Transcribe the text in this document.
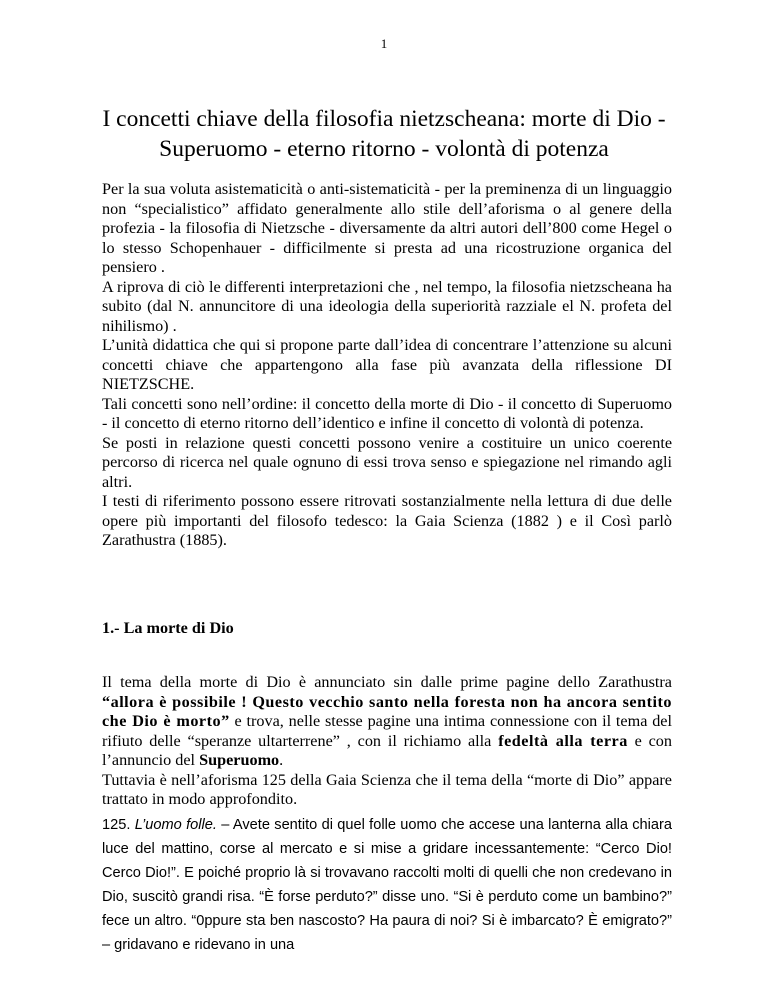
1
I concetti chiave della filosofia nietzscheana: morte di Dio -
Superuomo - eterno ritorno - volontà di potenza

Per la sua voluta asistematicità o anti-sistematicità - per la preminenza di un linguaggio non “specialistico” affidato generalmente allo stile dell’aforisma o al genere della profezia - la filosofia di Nietzsche - diversamente da altri autori dell’800 come Hegel o lo stesso Schopenhauer - difficilmente si presta ad una ricostruzione organica del pensiero .

A riprova di ciò le differenti interpretazioni che , nel tempo, la filosofia nietzscheana ha subito (dal N. annuncitore di una ideologia della superiorità razziale el N. profeta del nihilismo) .

L’unità didattica che qui si propone parte dall’idea di concentrare l’attenzione su alcuni concetti chiave che appartengono alla fase più avanzata della riflessione DI NIETZSCHE.

Tali concetti sono nell’ordine: il concetto della morte di Dio - il concetto di Superuomo - il concetto di eterno ritorno dell’identico e infine il concetto di volontà di potenza.

Se posti in relazione questi concetti possono venire a costituire un unico coerente percorso di ricerca nel quale ognuno di essi trova senso e spiegazione nel rimando agli altri.

I testi di riferimento possono essere ritrovati sostanzialmente nella lettura di due delle opere più importanti del filosofo tedesco: la Gaia Scienza (1882 ) e il Così parlò Zarathustra (1885).

1.- La morte di Dio

Il tema della morte di Dio è annunciato sin dalle prime pagine dello Zarathustra “allora è possibile ! Questo vecchio santo nella foresta non ha ancora sentito che Dio è morto” e trova, nelle stesse pagine una intima connessione con il tema del rifiuto delle “speranze ultarterrene” , con il richiamo alla fedeltà alla terra e con l’annuncio del Superuomo.

Tuttavia è nell’aforisma 125 della Gaia Scienza che il tema della “morte di Dio” appare trattato in modo approfondito.

125. L’uomo folle. – Avete sentito di quel folle uomo che accese una lanterna alla chiara luce del mattino, corse al mercato e si mise a gridare incessantemente: “Cerco Dio! Cerco Dio!”. E poiché proprio là si trovavano raccolti molti di quelli che non credevano in Dio, suscitò grandi risa. “È forse perduto?” disse uno. “Si è perduto come un bambino?” fece un altro. “0ppure sta ben nascosto? Ha paura di noi? Si è imbarcato? È emigrato?” – gridavano e ridevano in una
